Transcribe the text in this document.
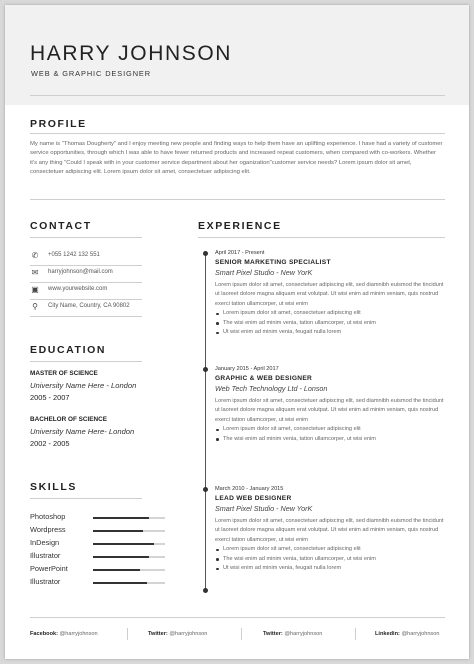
HARRY JOHNSON
WEB & GRAPHIC DESIGNER
PROFILE

My name is "Thomas Dougherty" and I enjoy meeting new people and finding ways to help them have an uplifting experience. I have had a variety of customer service opportunities, through which I was able to have fewer returned products and increased repeat customers, when compared with co-workers. Whether it's any thing "Could I speak with in your customer service department about her oganization"customer service needs? Lorem ipsum dolor sit amet, consectetuer adipiscing elit. Lorem ipsum dolor sit amet, consectetuer adipiscing elit.

CONTACT
✆ +055 1242 132 551
✉ harryjohnson@mail.com
▣ www.yourwebsite.com
⚲	City Name, Country, CA 90802
EDUCATION
MASTER OF SCIENCE
University Name Here - London
2005 - 2007
BACHELOR OF SCIENCE
University Name Here- London
2002 - 2005
SKILLS
Photoshop
Wordpress
InDesign
Illustrator
PowerPoint
Illustrator
EXPERIENCE
April 2017 - Present
SENIOR MARKETING SPECIALIST
Smart Pixel Studio - New YorK

Lorem ipsum dolor sit amet, consectetuer adipiscing elit, sed diamnibh euismod the tincidunt ut laoreet dolore magna aliquam erat volutpat. Ut wisi enim ad minim veniam, quis nostrud exerci tation ullamcorper, ut wisi enim

Lorem ipsum dolor sit amet, consectetuer adipiscing elit
The wisi enim ad minim venia, tation ullamcorper, ut wisi enim
Ut wisi enim ad minim venia, feugait nulla lorem
January 2015 - April 2017
GRAPHIC & WEB DESIGNER
Web Tech Technology Ltd - Lonson

Lorem ipsum dolor sit amet, consectetuer adipiscing elit, sed diamnibh euismod the tincidunt ut laoreet dolore magna aliquam erat volutpat. Ut wisi enim ad minim veniam, quis nostrud exerci tation ullamcorper, ut wisi enim

Lorem ipsum dolor sit amet, consectetuer adipiscing elit
The wisi enim ad minim venia, tation ullamcorper, ut wisi enim
March 2010 - January 2015
LEAD WEB DESIGNER
Smart Pixel Studio - New YorK

Lorem ipsum dolor sit amet, consectetuer adipiscing elit, sed diamnibh euismod the tincidunt ut laoreet dolore magna aliquam erat volutpat. Ut wisi enim ad minim veniam, quis nostrud exerci tation ullamcorper, ut wisi enim

Lorem ipsum dolor sit amet, consectetuer adipiscing elit
The wisi enim ad minim venia, tation ullamcorper, ut wisi enim
Ut wisi enim ad minim venia, feugait nulla lorem
Facebook: @harryjohnson	Twitter: @harryjohnson	Twitter: @harryjohnson	Linkedin: @harryjohnson
